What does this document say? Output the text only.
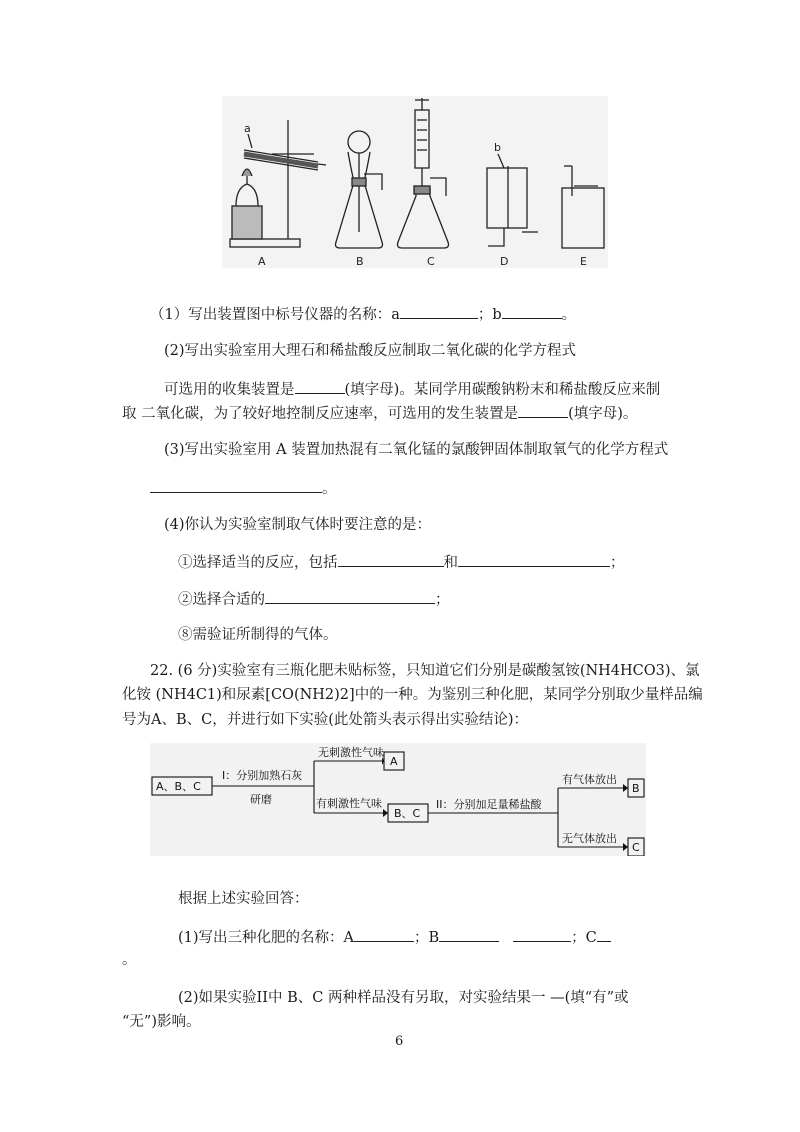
a
b
A	B	C	D	E
（1）写出装置图中标号仪器的名称：a	；b	。
(2)写出实验室用大理石和稀盐酸反应制取二氧化碳的化学方程式
可选用的收集装置是	(填字母)。某同学用碳酸钠粉末和稀盐酸反应来制
取 二氧化碳，为了较好地控制反应速率，可选用的发生装置是	(填字母)。
(3)写出实验室用 A 装置加热混有二氧化锰的氯酸钾固体制取氧气的化学方程式
。
(4)你认为实验室制取气体时要注意的是：
①选择适当的反应，包括	和	；
②选择合适的	；
⑧需验证所制得的气体。
22. (6 分)实验室有三瓶化肥未贴标签，只知道它们分别是碳酸氢铵(NH4HCO3)、氯
化铵 (NH4C1)和尿素[CO(NH2)2]中的一种。为鉴别三种化肥，某同学分别取少量样品编
号为A、B、C，并进行如下实验(此处箭头表示得出实验结论)：
A、B、C
I：分别加熟石灰
研磨
无刺激性气味
A
有刺激性气味
B、C
II：分别加足量稀盐酸
有气体放出
B
无气体放出
C
根据上述实验回答：
(1)写出三种化肥的名称：A	；B	；C
。
(2)如果实验II中 B、C 两种样品没有另取，对实验结果一 —(填“有”或
“无”)影响。
6
